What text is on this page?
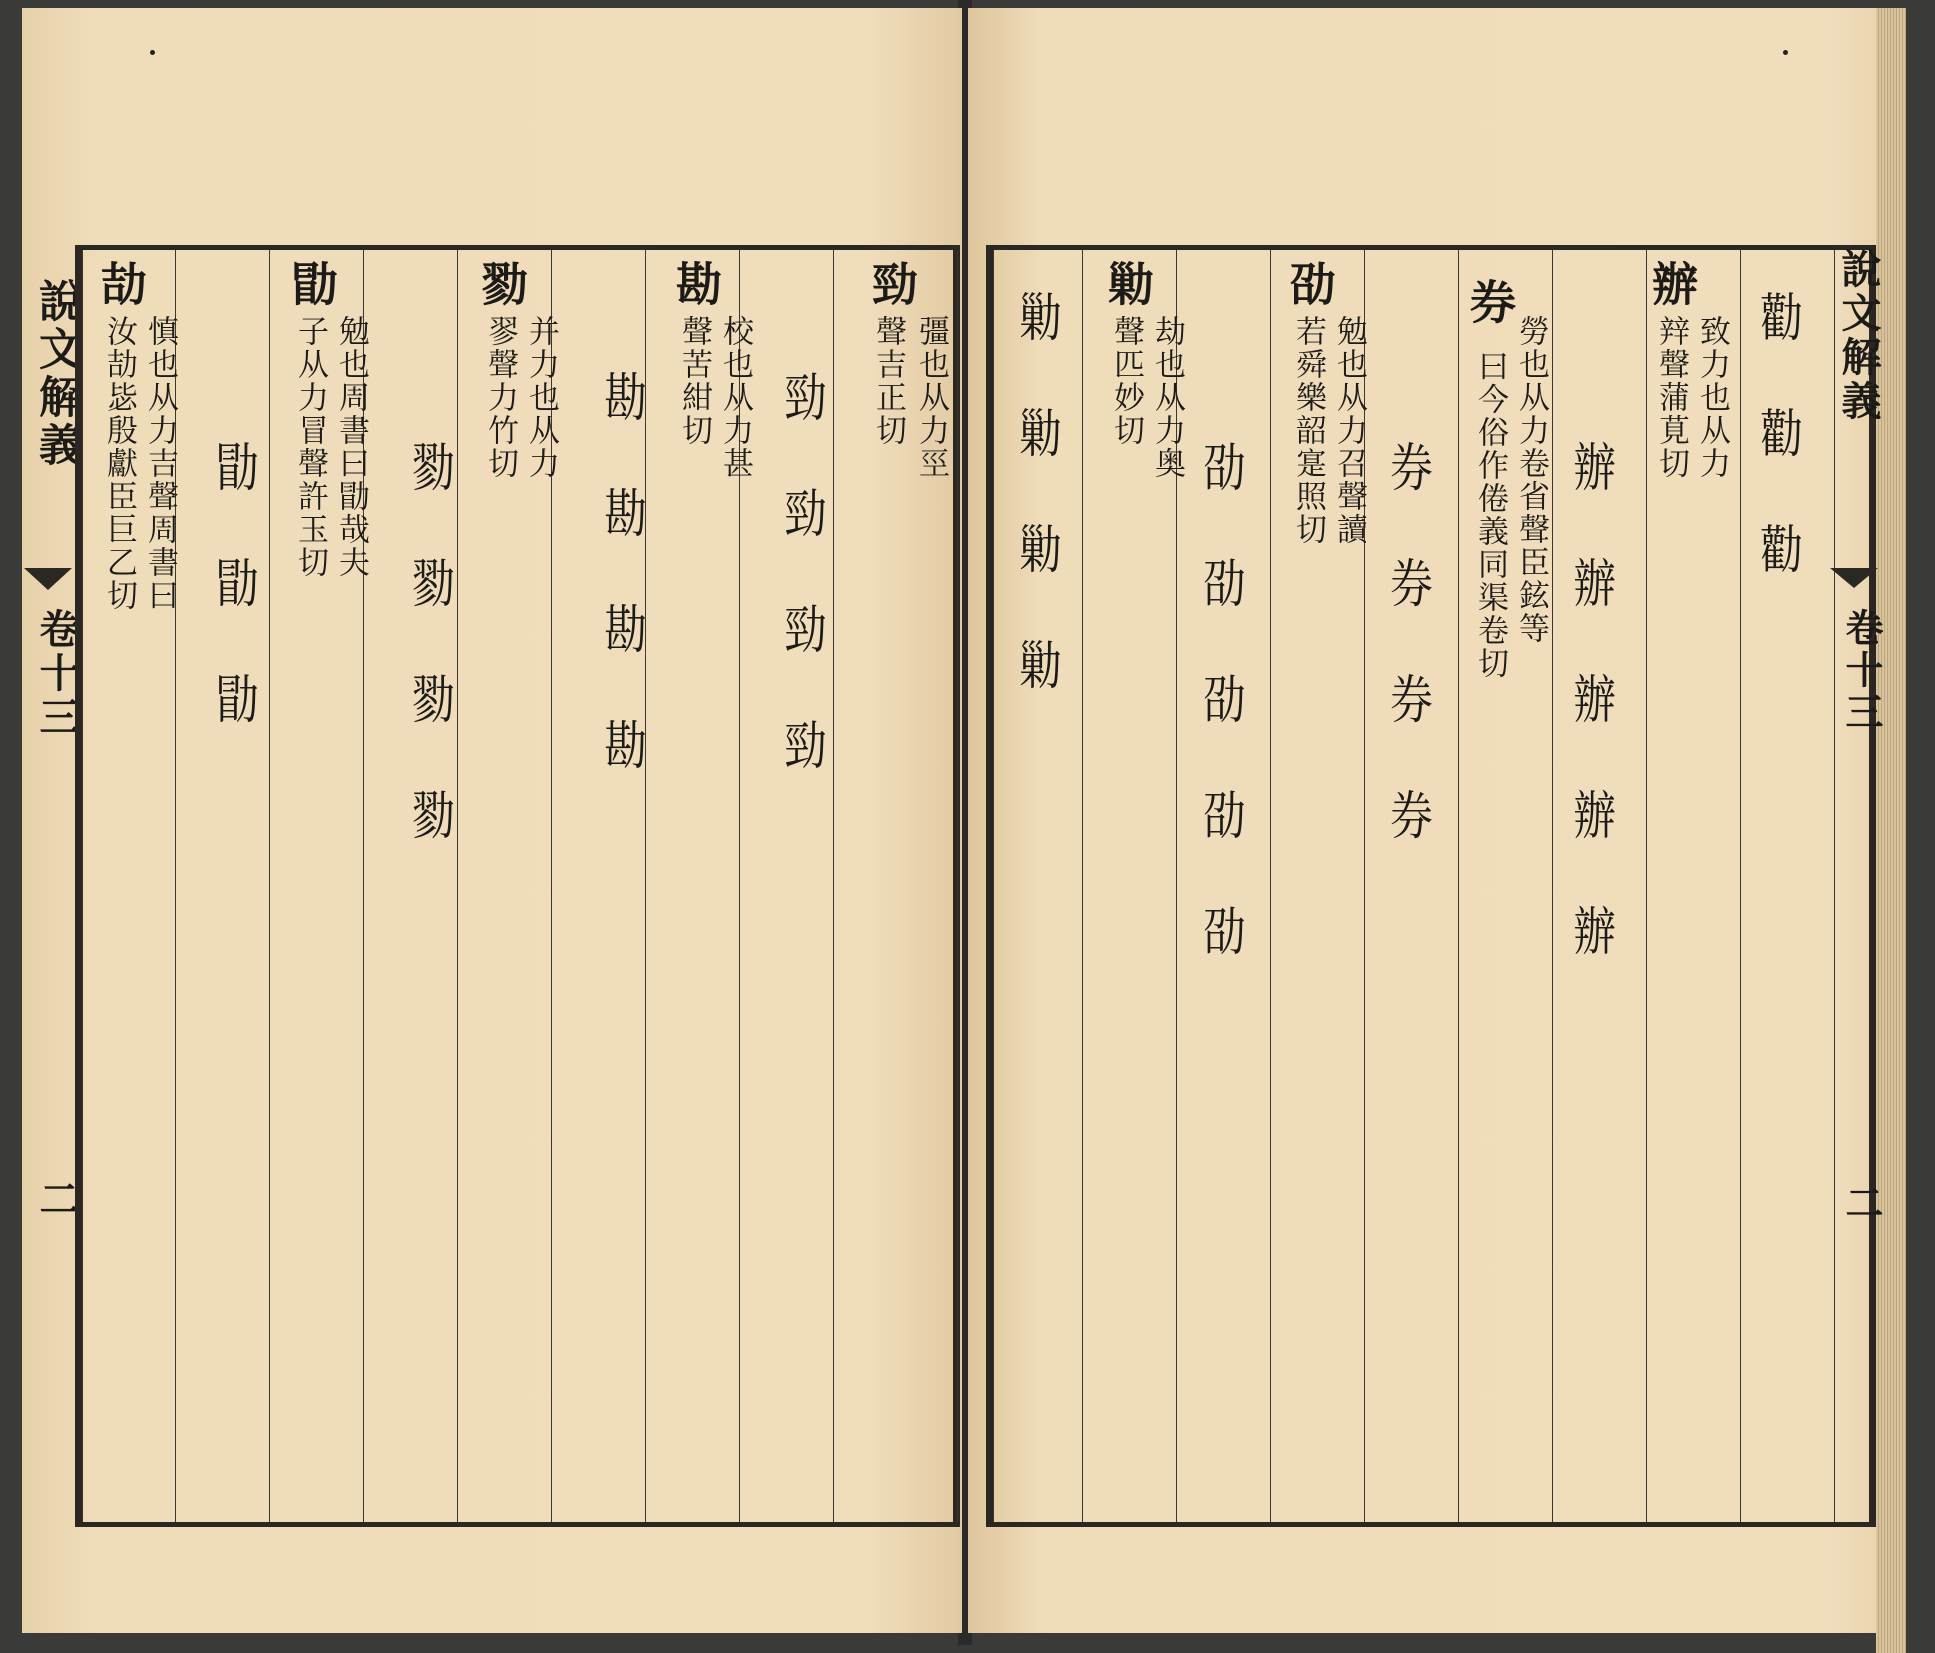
說文解義
卷十三
二
勁
彊也从力巠
聲吉正切
勁勁勁勁
勘勘勘勘
勘
校也从力甚
聲苦紺切
勠
并力也从力
翏聲力竹切
勠勠勠勠
勖
勉也周書曰勖哉夫
子从力冒聲許玉切
勖勖勖
劼
慎也从力吉聲周書曰
汝劼毖殷獻臣巨乙切	勸勸勸
辦
致力也从力
辡聲蒲莧切
辦辦辦辦辦
券
勞也从力卷省聲臣鉉等
曰今俗作倦義同渠卷切
券券券券
劭
勉也从力召聲讀
若舜樂韶寔照切
劭劭劭劭劭
勦
劫也从力奥
聲匹妙切
勦勦勦勦	說文解義
卷十三
二
